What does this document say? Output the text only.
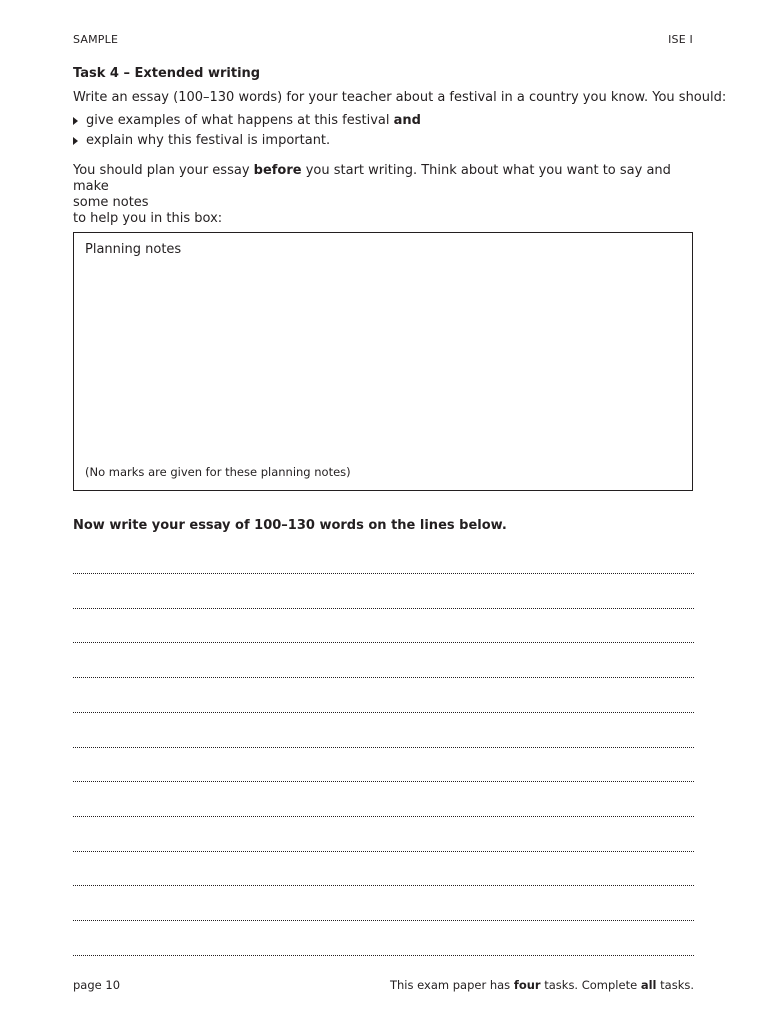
SAMPLE	ISE I
Task 4 – Extended writing
Write an essay (100–130 words) for your teacher about a festival in a country you know. You should:
give examples of what happens at this festival and
explain why this festival is important.
You should plan your essay before you start writing. Think about what you want to say and make
some notes
to help you in this box:
Planning notes
(No marks are given for these planning notes)
Now write your essay of 100–130 words on the lines below.
page 10	This exam paper has four tasks. Complete all tasks.
